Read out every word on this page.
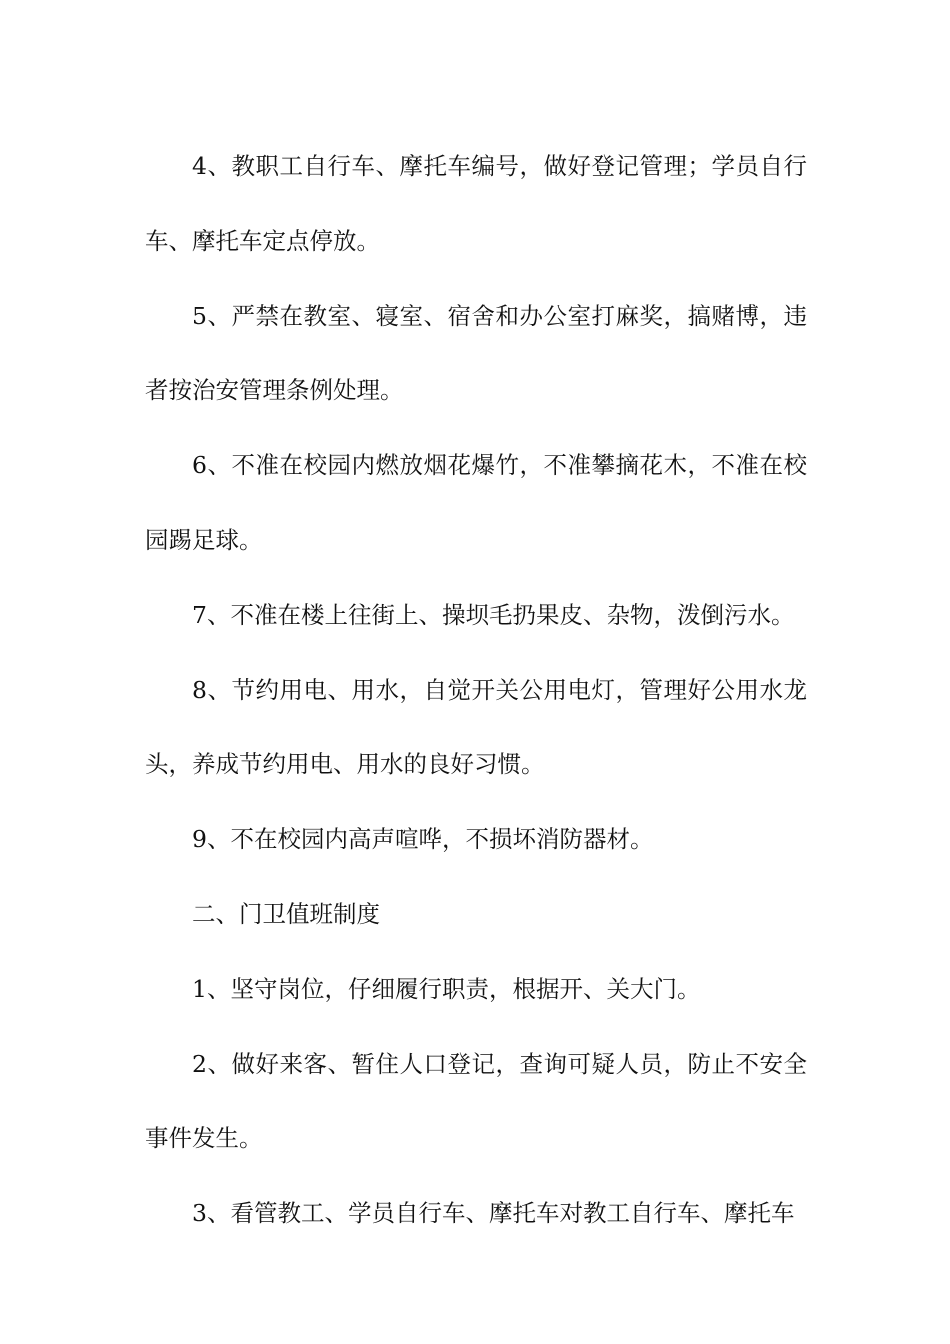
4、教职工自行车、摩托车编号，做好登记管理；学员自行车、摩托车定点停放。

5、严禁在教室、寝室、宿舍和办公室打麻奖，搞赌博，违者按治安管理条例处理。

6、不准在校园内燃放烟花爆竹，不准攀摘花木，不准在校园踢足球。

7、不准在楼上往街上、操坝毛扔果皮、杂物，泼倒污水。

8、节约用电、用水，自觉开关公用电灯，管理好公用水龙头，养成节约用电、用水的良好习惯。

9、不在校园内高声喧哗，不损坏消防器材。

二、门卫值班制度

1、坚守岗位，仔细履行职责，根据开、关大门。

2、做好来客、暂住人口登记，查询可疑人员，防止不安全事件发生。

3、看管教工、学员自行车、摩托车对教工自行车、摩托车
